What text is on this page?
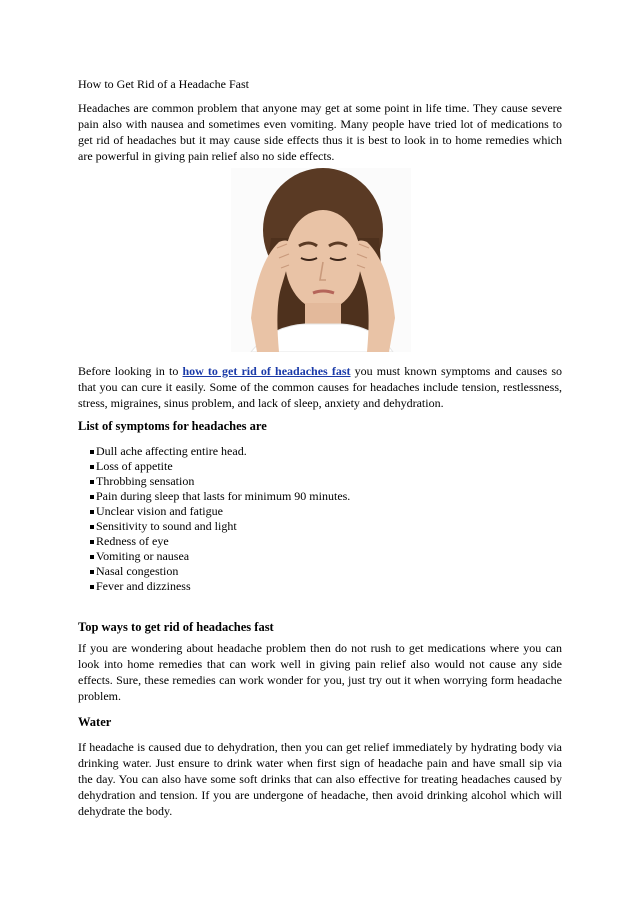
How to Get Rid of a Headache Fast

Headaches are common problem that anyone may get at some point in life time. They cause severe pain also with nausea and sometimes even vomiting. Many people have tried lot of medications to get rid of headaches but it may cause side effects thus it is best to look in to home remedies which are powerful in giving pain relief also no side effects.

Before looking in to how to get rid of headaches fast you must known symptoms and causes so that you can cure it easily. Some of the common causes for headaches include tension, restlessness, stress, migraines, sinus problem, and lack of sleep, anxiety and dehydration.

List of symptoms for headaches are
Dull ache affecting entire head.
Loss of appetite
Throbbing sensation
Pain during sleep that lasts for minimum 90 minutes.
Unclear vision and fatigue
Sensitivity to sound and light
Redness of eye
Vomiting or nausea
Nasal congestion
Fever and dizziness
Top ways to get rid of headaches fast

If you are wondering about headache problem then do not rush to get medications where you can look into home remedies that can work well in giving pain relief also would not cause any side effects. Sure, these remedies can work wonder for you, just try out it when worrying form headache problem.

Water

If headache is caused due to dehydration, then you can get relief immediately by hydrating body via drinking water. Just ensure to drink water when first sign of headache pain and have small sip via the day. You can also have some soft drinks that can also effective for treating headaches caused by dehydration and tension. If you are undergone of headache, then avoid drinking alcohol which will dehydrate the body.
